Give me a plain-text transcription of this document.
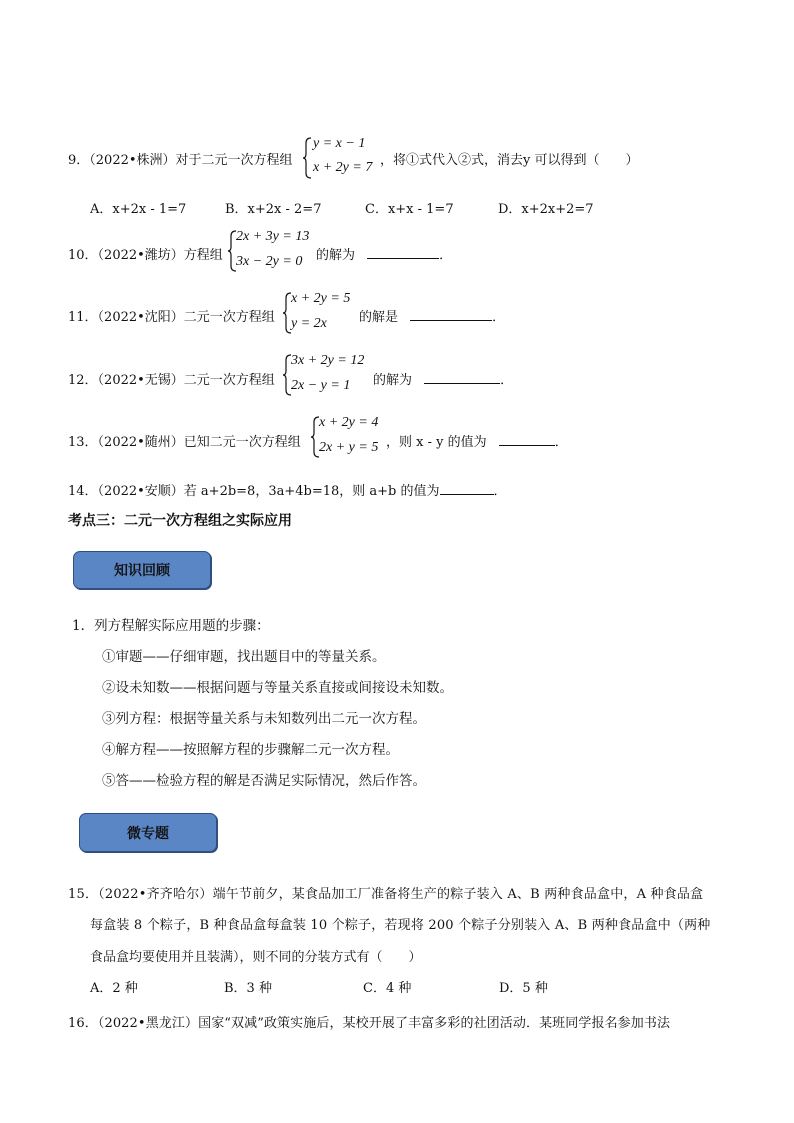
9．（2022•株洲）对于二元一次方程组
y = x − 1
x + 2y = 7 ，将①式代入②式，消去y 可以得到（　　）
A．x+2x - 1=7	B．x+2x - 2=7	C．x+x - 1=7	D．x+2x+2=7
10．（2022•潍坊）方程组
2x + 3y = 13
3x − 2y = 0 的解为	．
11．（2022•沈阳）二元一次方程组
x + 2y = 5
y = 2x 的解是	．
12．（2022•无锡）二元一次方程组
3x + 2y = 12
2x − y = 1 的解为	．
13．（2022•随州）已知二元一次方程组
x + 2y = 4
2x + y = 5 ，则 x - y 的值为	．
14．（2022•安顺）若 a+2b=8，3a+4b=18，则 a+b 的值为	．
考点三：二元一次方程组之实际应用
知识回顾
1．列方程解实际应用题的步骤：
①审题——仔细审题，找出题目中的等量关系。
②设未知数——根据问题与等量关系直接或间接设未知数。
③列方程：根据等量关系与未知数列出二元一次方程。
④解方程——按照解方程的步骤解二元一次方程。
⑤答——检验方程的解是否满足实际情况，然后作答。
微专题
15．（2022•齐齐哈尔）端午节前夕，某食品加工厂准备将生产的粽子装入 A、B 两种食品盒中，A 种食品盒
每盒装 8 个粽子，B 种食品盒每盒装 10 个粽子，若现将 200 个粽子分别装入 A、B 两种食品盒中（两种
食品盒均要使用并且装满），则不同的分装方式有（　　）
A．2 种	B．3 种	C．4 种	D．5 种
16．（2022•黑龙江）国家“双减”政策实施后，某校开展了丰富多彩的社团活动．某班同学报名参加书法
